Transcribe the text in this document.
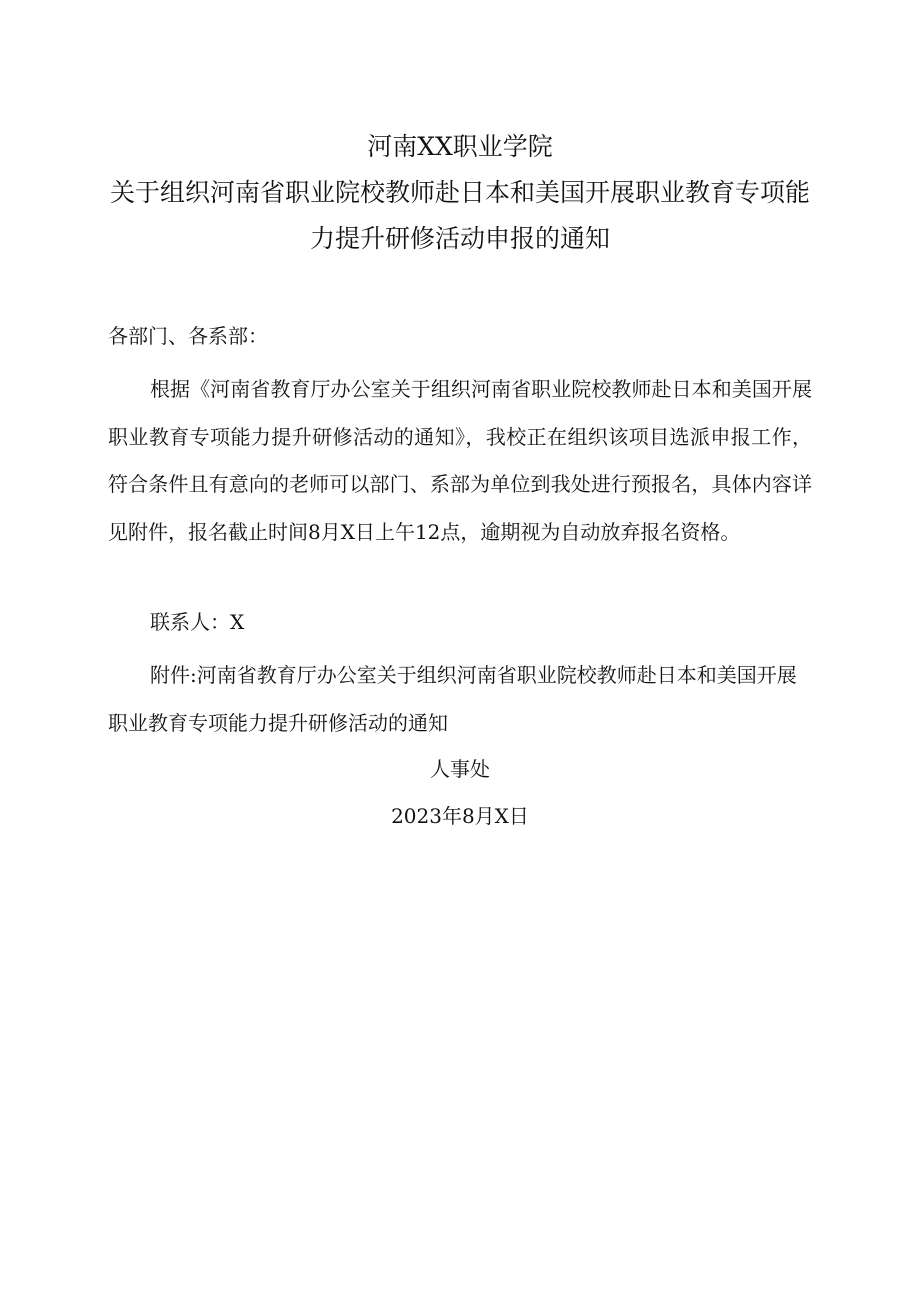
河南XX职业学院
关于组织河南省职业院校教师赴日本和美国开展职业教育专项能
力提升研修活动申报的通知
各部门、各系部：
根据《河南省教育厅办公室关于组织河南省职业院校教师赴日本和美国开展职业教育专项能力提升研修活动的通知》，我校正在组织该项目选派申报工作，符合条件且有意向的老师可以部门、系部为单位到我处进行预报名，具体内容详见附件，报名截止时间8月X日上午12点，逾期视为自动放弃报名资格。
联系人：X
附件:河南省教育厅办公室关于组织河南省职业院校教师赴日本和美国开展职业教育专项能力提升研修活动的通知
人事处
2023年8月X日
